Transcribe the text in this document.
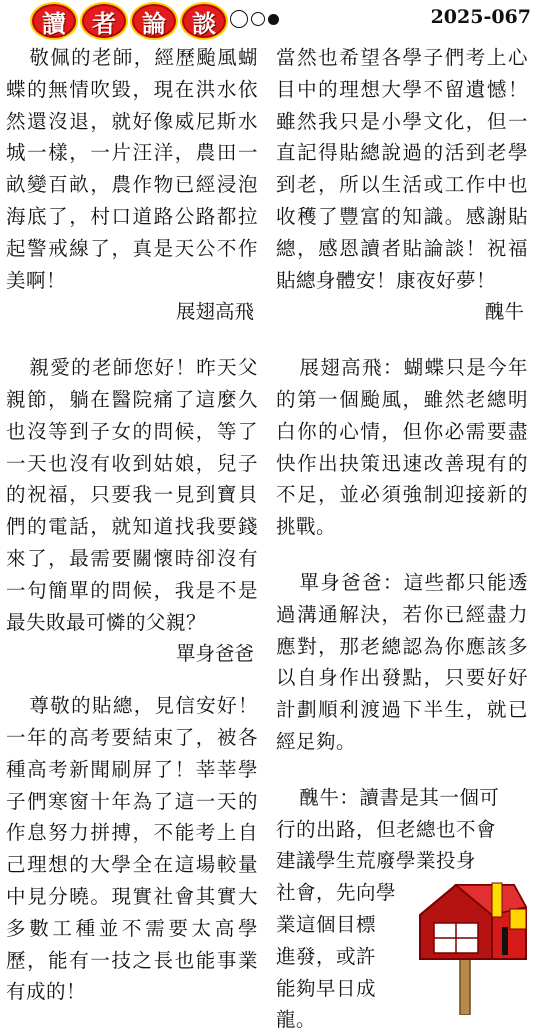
讀	者	論	談	2025-067

敬佩的老師，經歷颱風蝴蝶的無情吹毀，現在洪水依然還沒退，就好像威尼斯水城一樣，一片汪洋，農田一畝變百畝，農作物已經浸泡海底了，村口道路公路都拉起警戒線了，真是天公不作美啊！

展翅高飛

親愛的老師您好！昨天父親節，躺在醫院痛了這麼久也沒等到子女的問候，等了一天也沒有收到姑娘，兒子的祝福，只要我一見到寶貝們的電話，就知道找我要錢來了，最需要關懷時卻沒有一句簡單的問候，我是不是最失敗最可憐的父親？

單身爸爸

尊敬的貼總，見信安好！一年的高考要結束了，被各種高考新聞刷屏了！莘莘學子們寒窗十年為了這一天的作息努力拼搏，不能考上自己理想的大學全在這場較量中見分曉。現實社會其實大多數工種並不需要太高學歷，能有一技之長也能事業有成的！

當然也希望各學子們考上心目中的理想大學不留遺憾！雖然我只是小學文化，但一直記得貼總說過的活到老學到老，所以生活或工作中也收穫了豐富的知識。感謝貼總，感恩讀者貼論談！祝福貼總身體安！康夜好夢！

醜牛

展翅高飛：蝴蝶只是今年的第一個颱風，雖然老總明白你的心情，但你必需要盡快作出抉策迅速改善現有的不足，並必須強制迎接新的挑戰。

單身爸爸：這些都只能透過溝通解決，若你已經盡力應對，那老總認為你應該多以自身作出發點，只要好好計劃順利渡過下半生，就已經足夠。

醜牛：讀書是其一個可
行的出路，但老總也不會
建議學生荒廢學業投身
社會，先向學
業這個目標
進發，或許
能夠早日成
龍。
